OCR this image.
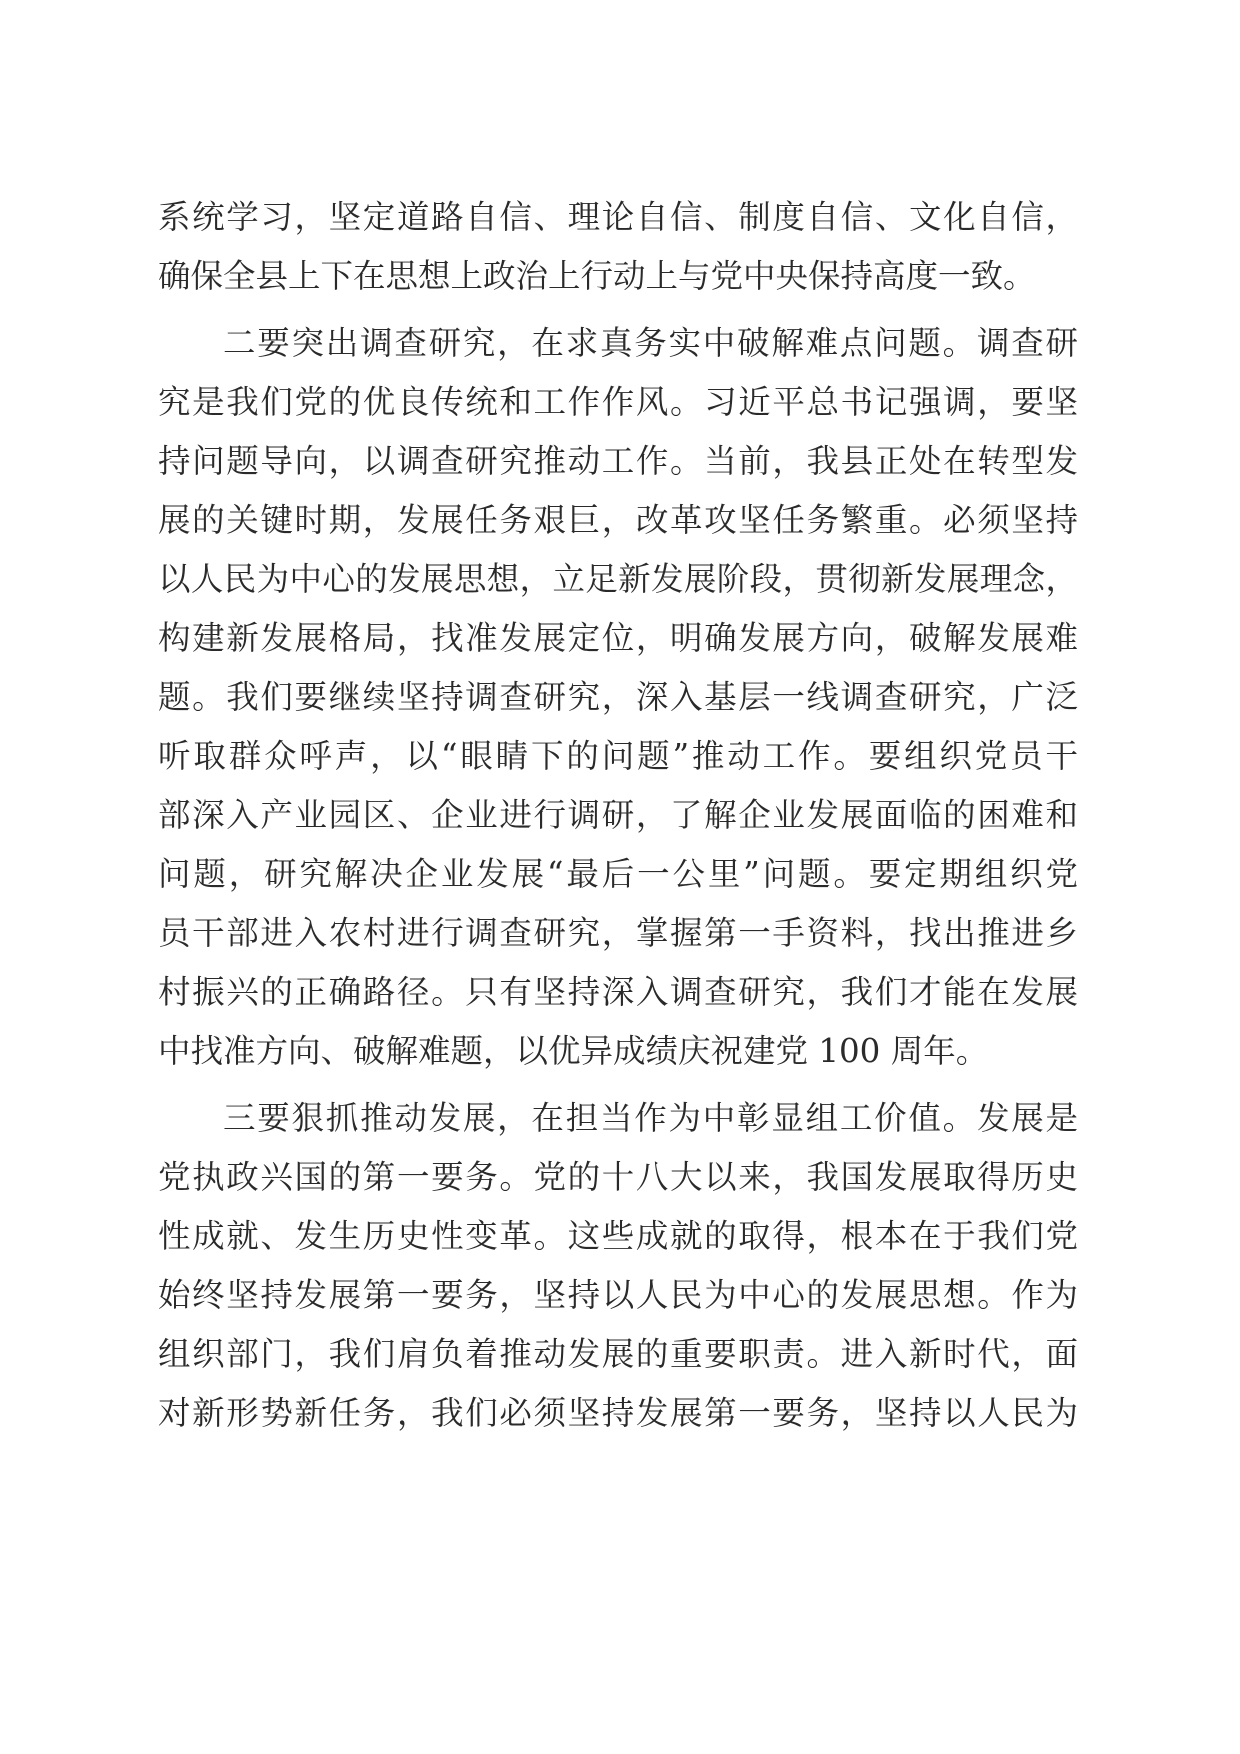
系统学习，坚定道路自信、理论自信、制度自信、文化自信，
确保全县上下在思想上政治上行动上与党中央保持高度一致。
二要突出调查研究，在求真务实中破解难点问题。调查研
究是我们党的优良传统和工作作风。习近平总书记强调，要坚
持问题导向，以调查研究推动工作。当前，我县正处在转型发
展的关键时期，发展任务艰巨，改革攻坚任务繁重。必须坚持
以人民为中心的发展思想，立足新发展阶段，贯彻新发展理念，
构建新发展格局，找准发展定位，明确发展方向，破解发展难
题。我们要继续坚持调查研究，深入基层一线调查研究，广泛
听取群众呼声，以“眼睛下的问题”推动工作。要组织党员干
部深入产业园区、企业进行调研，了解企业发展面临的困难和
问题，研究解决企业发展“最后一公里”问题。要定期组织党
员干部进入农村进行调查研究，掌握第一手资料，找出推进乡
村振兴的正确路径。只有坚持深入调查研究，我们才能在发展
中找准方向、破解难题，以优异成绩庆祝建党 100 周年。
三要狠抓推动发展，在担当作为中彰显组工价值。发展是
党执政兴国的第一要务。党的十八大以来，我国发展取得历史
性成就、发生历史性变革。这些成就的取得，根本在于我们党
始终坚持发展第一要务，坚持以人民为中心的发展思想。作为
组织部门，我们肩负着推动发展的重要职责。进入新时代，面
对新形势新任务，我们必须坚持发展第一要务，坚持以人民为
